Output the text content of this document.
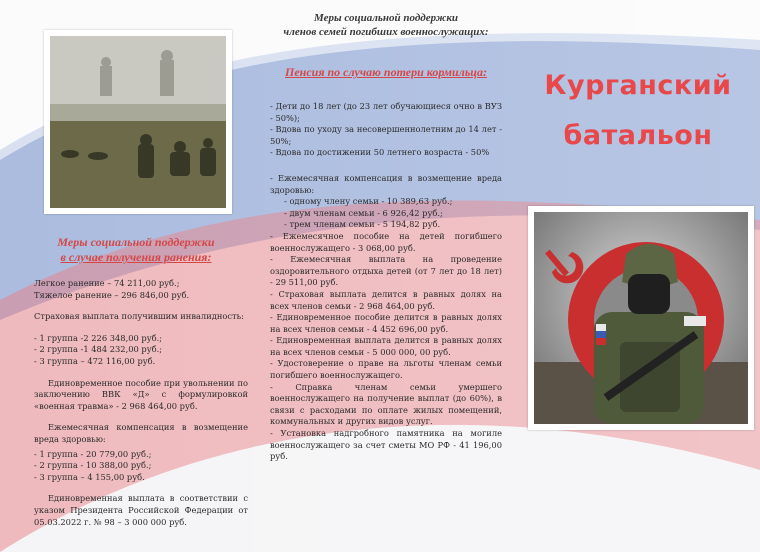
Меры социальной поддержки
в случае получения ранения:

Легкое ранение – 74 211,00 руб.;

Тяжелое ранение – 296 846,00 руб.

Страховая выплата получившим инвалидность:

- 1 группа -2 226 348,00 руб.;

- 2 группа -1 484 232,00 руб.;

- 3 группа – 472 116,00 руб.

Единовременное пособие при увольнении по заключению ВВК «Д» с формулировкой «военная травма» - 2 968 464,00 руб.

Ежемесячная компенсация в возмещение вреда здоровью:

- 1 группа - 20 779,00 руб.;

- 2 группа - 10 388,00 руб.;

- 3 группа – 4 155,00 руб.

Единовременная выплата в соответствии с указом Президента Российской Федерации от 05.03.2022 г. № 98 – 3 000 000 руб.

Меры социальной поддержки
членов семей погибших военнослужащих:
Пенсия по случаю потери кормильца:

- Дети до 18 лет (до 23 лет обучающиеся очно в ВУЗ - 50%);

- Вдова по уходу за несовершеннолетним до 14 лет - 50%;

- Вдова по достижении 50 летнего возраста - 50%

- Ежемесячная компенсация в возмещение вреда здоровью:

- одному члену семьи - 10 389,63 руб.;

- двум членам семьи - 6 926,42 руб.;

- трем членам семьи - 5 194,82 руб.

- Ежемесячное пособие на детей погибшего военнослужащего - 3 068,00 руб.

- Ежемесячная выплата на проведение оздоровительного отдыха детей (от 7 лет до 18 лет) - 29 511,00 руб.

- Страховая выплата делится в равных долях на всех членов семьи - 2 968 464,00 руб.

- Единовременное пособие делится в равных долях на всех членов семьи - 4 452 696,00 руб.

- Единовременная выплата делится в равных долях на всех членов семьи - 5 000 000, 00 руб.

- Удостоверение о праве на льготы членам семьи погибшего военнослужащего.

- Справка членам семьи умершего военнослужащего на получение выплат (до 60%), в связи с расходами по оплате жилых помещений, коммунальных и других видов услуг.

- Установка надгробного памятника на могиле военнослужащего за счет сметы МО РФ - 41 196,00 руб.

Курганский
батальон
